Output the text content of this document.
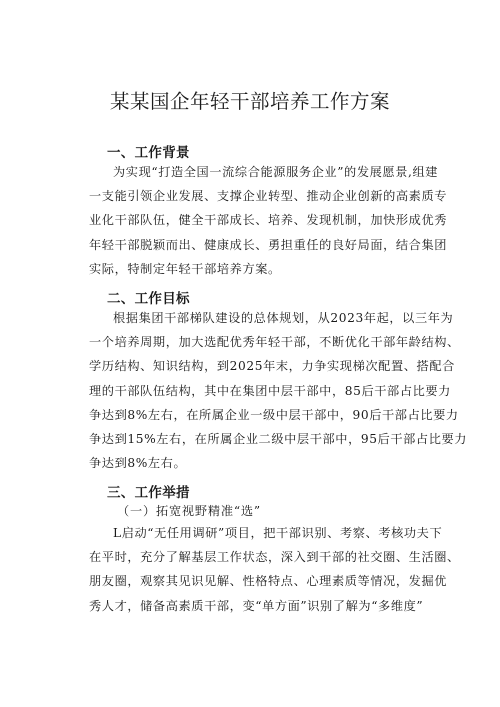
某某国企年轻干部培养工作方案
一、工作背景

为实现“打造全国一流综合能源服务企业”的发展愿景,组建
一支能引领企业发展、支撑企业转型、推动企业创新的高素质专
业化干部队伍，健全干部成长、培养、发现机制，加快形成优秀
年轻干部脱颖而出、健康成长、勇担重任的良好局面，结合集团
实际，特制定年轻干部培养方案。

二、工作目标

根据集团干部梯队建设的总体规划，从2023年起，以三年为
一个培养周期，加大选配优秀年轻干部，不断优化干部年龄结构、
学历结构、知识结构，到2025年末，力争实现梯次配置、搭配合
理的干部队伍结构，其中在集团中层干部中，85后干部占比要力
争达到8%左右，在所属企业一级中层干部中，90后干部占比要力
争达到15%左右，在所属企业二级中层干部中，95后干部占比要力
争达到8%左右。

三、工作举措

（一）拓宽视野精准“选”

L启动“无任用调研”项目，把干部识别、考察、考核功夫下
在平时，充分了解基层工作状态，深入到干部的社交圈、生活圈、
朋友圈，观察其见识见解、性格特点、心理素质等情况，发掘优
秀人才，储备高素质干部，变“单方面”识别了解为“多维度”
